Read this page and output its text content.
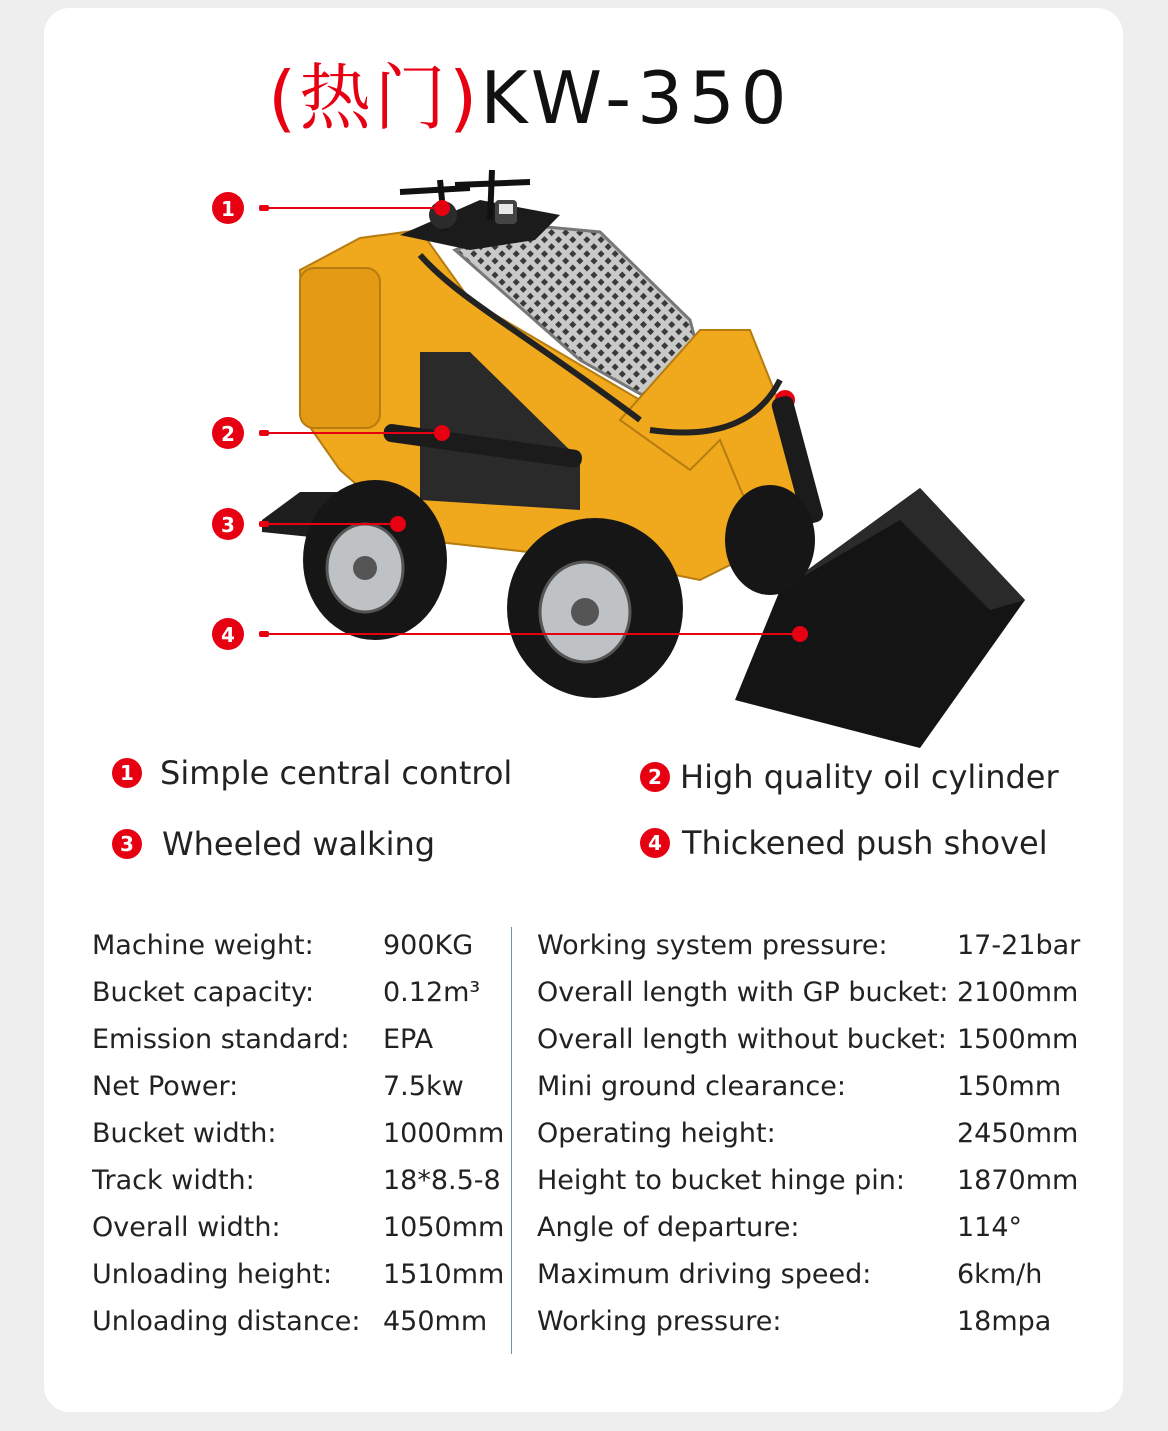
(热门)KW-350
1
2
3
4
1 Simple central control	2 High quality oil cylinder
3 Wheeled walking	4 Thickened push shovel
Machine weight:	900KG
Bucket capacity:	0.12m³
Emission standard: EPA
Net Power:	7.5kw
Bucket width:	1000mm
Track width:	18*8.5-8
Overall width:	1050mm
Unloading height: 1510mm
Unloading distance: 450mm
Working system pressure:	17-21bar
Overall length with GP bucket: 2100mm
Overall length without bucket: 1500mm
Mini ground clearance:	150mm
Operating height:	2450mm
Height to bucket hinge pin: 1870mm
Angle of departure:	114°
Maximum driving speed:	6km/h
Working pressure:	18mpa
